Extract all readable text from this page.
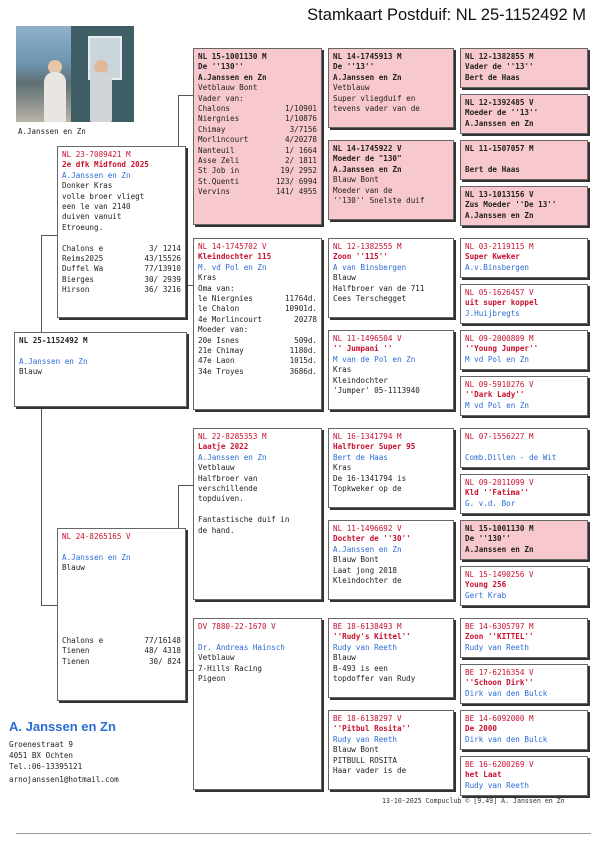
Stamkaart Postduif: NL 25-1152492 M
A.Janssen en Zn
NL 25-1152492 M

A.Janssen en Zn
Blauw
NL 23-7089421 M
2e dfk Midfond 2025
A.Janssen en Zn
Donker Kras
volle broer vliegt
een le van 2140
duiven vanuit
Etroeung.

Chalons e	3/ 1214
Reims2025	43/15526
Duffel Wa	77/13910
Bierges	30/ 2939
Hirson	36/ 3216
NL 24-8265165 V

A.Janssen en Zn
Blauw

Chalons e	77/16148
Tienen	48/ 4318
Tienen	30/ 824
NL 15-1001130 M
De ''130''
A.Janssen en Zn
Vetblauw Bont
Vader van:
Chalons	1/10901
Niergnies	1/10876
Chimay	3/7156
Morlincourt	4/20278
Nanteuil	1/ 1664
Asse Zeli	2/ 1811
St Job in	19/ 2952
St.Quenti	123/ 6994
Vervins	141/ 4955
NL 14-1745702 V
Kleindochter 115
M. vd Pol en Zn
Kras
Oma van:
le Niergnies	11764d.
le Chalon	10901d.
4e Morlincourt	20278
Moeder van:
20e Isnes	509d.
21e Chimay	1180d.
47e Laon	1015d.
34e Troyes	3686d.
NL 22-8285353 M
Laatje 2022
A.Janssen en Zn
Vetblauw
Halfbroer van
verschillende
topduiven.

Fantastische duif in
de hand.
DV 7880-22-1670 V

Dr. Andreas Hainsch
Vetblauw
7-Hills Racing
Pigeon
NL 14-1745913 M
De ''13''
A.Janssen en Zn
Vetblauw
Super vliegduif en
tevens vader van de
NL 14-1745922 V
Moeder de "130"
A.Janssen en Zn
Blauw Bont
Moeder van de
''130'' Snelste duif
NL 12-1382555 M
Zoon ''115''
A van Binsbergen
Blauw
Halfbroer van de 711
Cees Terschegget
NL 11-1496504 V
'' Jumpani ''
M van de Pol en Zn
Kras
Kleindochter
'Jumper' 05-1113940
NL 16-1341794 M
Halfbroer Super 95
Bert de Haas
Kras
De 16-1341794 is
Topkweker op de
NL 11-1496692 V
Dochter de ''30''
A.Janssen en Zn
Blauw Bont
Laat jong 2018
Kleindochter de
BE 18-6138493 M
''Rudy's Kittel''
Rudy van Reeth
Blauw
B-493 is een
topdoffer van Rudy
BE 18-6138297 V
''Pitbul Rosita''
Rudy van Reeth
Blauw Bont
PITBULL ROSITA
Haar vader is de
NL 12-1382855 M
Vader de ''13''
Bert de Haas
NL 12-1392485 V
Moeder de ''13''
A.Janssen en Zn
NL 11-1507057 M

Bert de Haas
NL 13-1013156 V
Zus Moeder ''De 13''
A.Janssen en Zn
NL 03-2119115 M
Super Kweker
A.v.Binsbergen
NL 05-1626457 V
uit super koppel
J.Huijbregts
NL 09-2000809 M
''Young Jumper''
M vd Pol en Zn
NL 09-5910276 V
''Dark Lady''
M vd Pol en Zn
NL 07-1556227 M

Comb.Dillen - de Wit
NL 09-2011099 V
Kld ''Fatima''
G. v.d. Bor
NL 15-1001130 M
De ''130''
A.Janssen en Zn
NL 15-1490256 V
Young 256
Gert Krab
BE 14-6305797 M
Zoon ''KITTEL''
Rudy van Reeth
BE 17-6216354 V
''Schoon Dirk''
Dirk van den Bulck
BE 14-6092000 M
De 2000
Dirk van den Bulck
BE 16-6200269 V
het Laat
Rudy van Reeth
A. Janssen en Zn
Groenestraat 9
4051 BX Ochten
Tel.:06-13395121
arnojanssen1@hotmail.com
13-10-2025 Compuclub © [9.49] A. Janssen en Zn
